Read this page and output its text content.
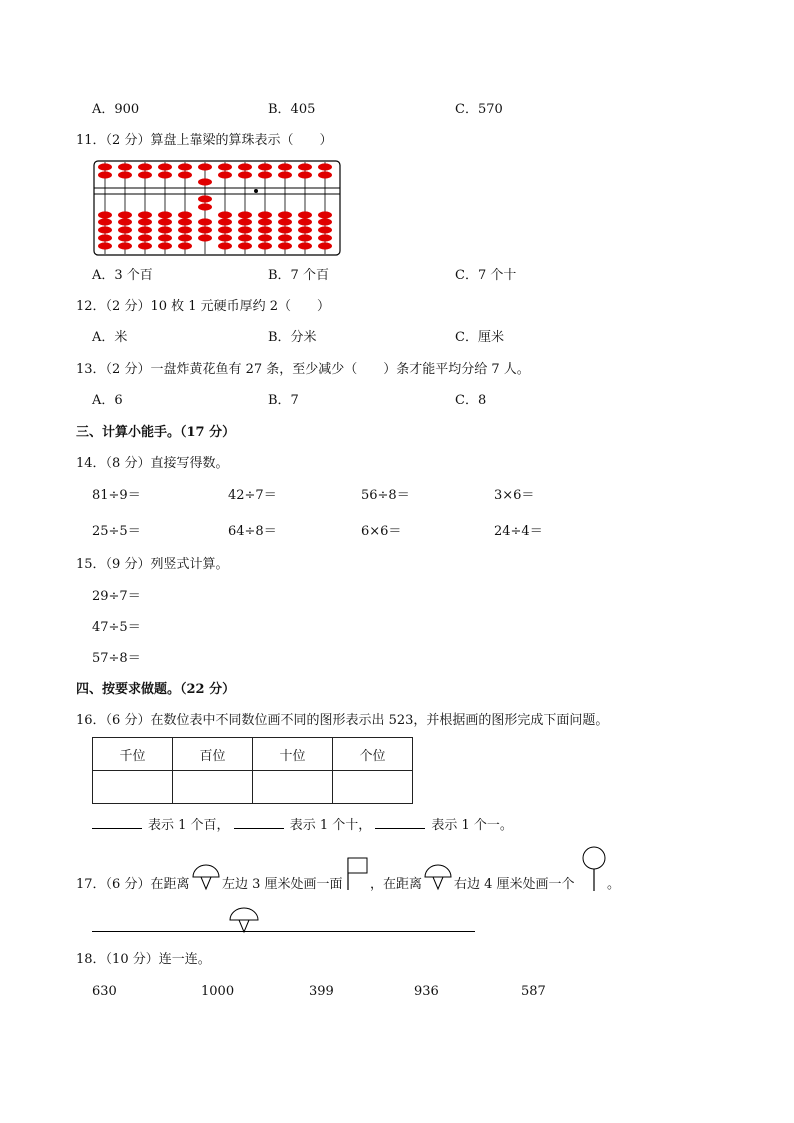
A．900	B．405	C．570
11．（2 分）算盘上靠梁的算珠表示（　　）
A．3 个百	B．7 个百	C．7 个十
12．（2 分）10 枚 1 元硬币厚约 2（　　）
A．米	B．分米	C．厘米
13．（2 分）一盘炸黄花鱼有 27 条，至少减少（　　）条才能平均分给 7 人。
A．6	B．7	C．8
三、计算小能手。（17 分）
14．（8 分）直接写得数。
81÷9＝	42÷7＝	56÷8＝	3×6＝
25÷5＝	64÷8＝	6×6＝	24÷4＝
15．（9 分）列竖式计算。
29÷7＝
47÷5＝
57÷8＝
四、按要求做题。（22 分）
16．（6 分）在数位表中不同数位画不同的图形表示出 523，并根据画的图形完成下面问题。
千位	百位	十位	个位

表示 1 个百，	表示 1 个十，	表示 1 个一。
17．（6 分）在距离	左边 3 厘米处画一面 ，在距离 右边 4 厘米处画一个 。
18．（10 分）连一连。
630	1000	399	936	587
